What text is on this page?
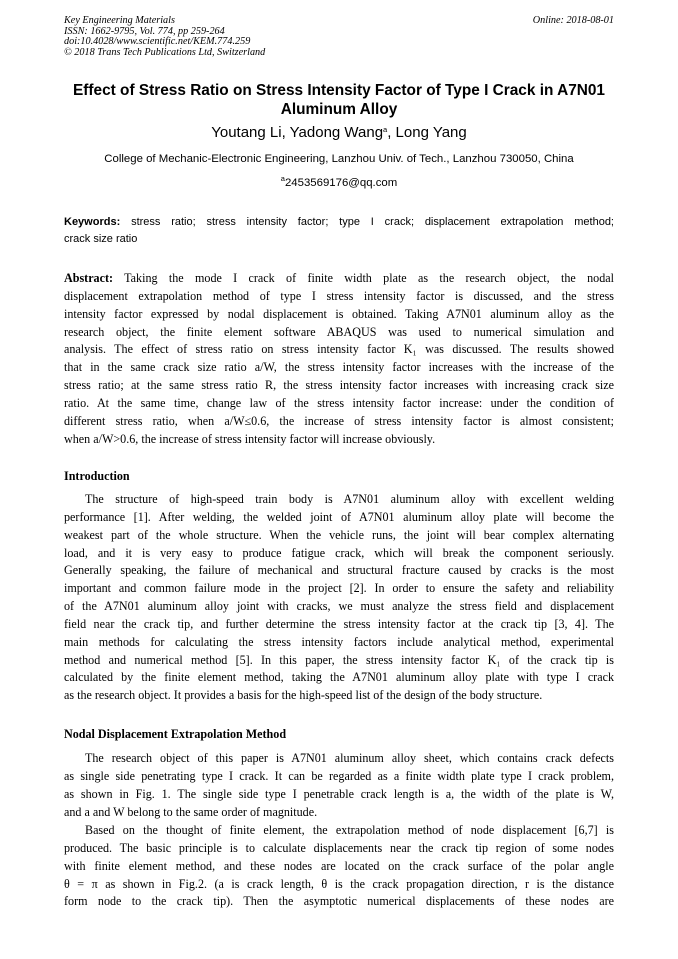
Key Engineering Materials
ISSN: 1662-9795, Vol. 774, pp 259-264
doi:10.4028/www.scientific.net/KEM.774.259
© 2018 Trans Tech Publications Ltd, Switzerland
Online: 2018-08-01
Effect of Stress Ratio on Stress Intensity Factor of Type I Crack in A7N01
Aluminum Alloy
Youtang Li, Yadong Wang$^a$, Long Yang
College of Mechanic-Electronic Engineering, Lanzhou Univ. of Tech., Lanzhou 730050, China
$^a$2453569176@qq.com
Keywords: stress ratio; stress intensity factor; type I crack; displacement extrapolation method;
crack size ratio
Abstract: Taking the mode I crack of finite width plate as the research object, the nodal
displacement extrapolation method of type I stress intensity factor is discussed, and the stress
intensity factor expressed by nodal displacement is obtained. Taking A7N01 aluminum alloy as the
research object, the finite element software ABAQUS was used to numerical simulation and
analysis. The effect of stress ratio on stress intensity factor K₁ was discussed. The results showed
that in the same crack size ratio a/W, the stress intensity factor increases with the increase of the
stress ratio; at the same stress ratio R, the stress intensity factor increases with increasing crack size
ratio. At the same time, change law of the stress intensity factor increase: under the condition of
different stress ratio, when a/W≤0.6, the increase of stress intensity factor is almost consistent;
when a/W>0.6, the increase of stress intensity factor will increase obviously.
Introduction
The structure of high-speed train body is A7N01 aluminum alloy with excellent welding
performance [1]. After welding, the welded joint of A7N01 aluminum alloy plate will become the
weakest part of the whole structure. When the vehicle runs, the joint will bear complex alternating
load, and it is very easy to produce fatigue crack, which will break the component seriously.
Generally speaking, the failure of mechanical and structural fracture caused by cracks is the most
important and common failure mode in the project [2]. In order to ensure the safety and reliability
of the A7N01 aluminum alloy joint with cracks, we must analyze the stress field and displacement
field near the crack tip, and further determine the stress intensity factor at the crack tip [3, 4]. The
main methods for calculating the stress intensity factors include analytical method, experimental
method and numerical method [5]. In this paper, the stress intensity factor K₁ of the crack tip is
calculated by the finite element method, taking the A7N01 aluminum alloy plate with type I crack
as the research object. It provides a basis for the high-speed list of the design of the body structure.
Nodal Displacement Extrapolation Method
The research object of this paper is A7N01 aluminum alloy sheet, which contains crack defects
as single side penetrating type I crack. It can be regarded as a finite width plate type I crack problem,
as shown in Fig. 1. The single side type I penetrable crack length is a, the width of the plate is W,
and a and W belong to the same order of magnitude.
Based on the thought of finite element, the extrapolation method of node displacement [6,7] is
produced. The basic principle is to calculate displacements near the crack tip region of some nodes
with finite element method, and these nodes are located on the crack surface of the polar angle
θ = π as shown in Fig.2. (a is crack length, θ is the crack propagation direction, r is the distance
form node to the crack tip). Then the asymptotic numerical displacements of these nodes are
